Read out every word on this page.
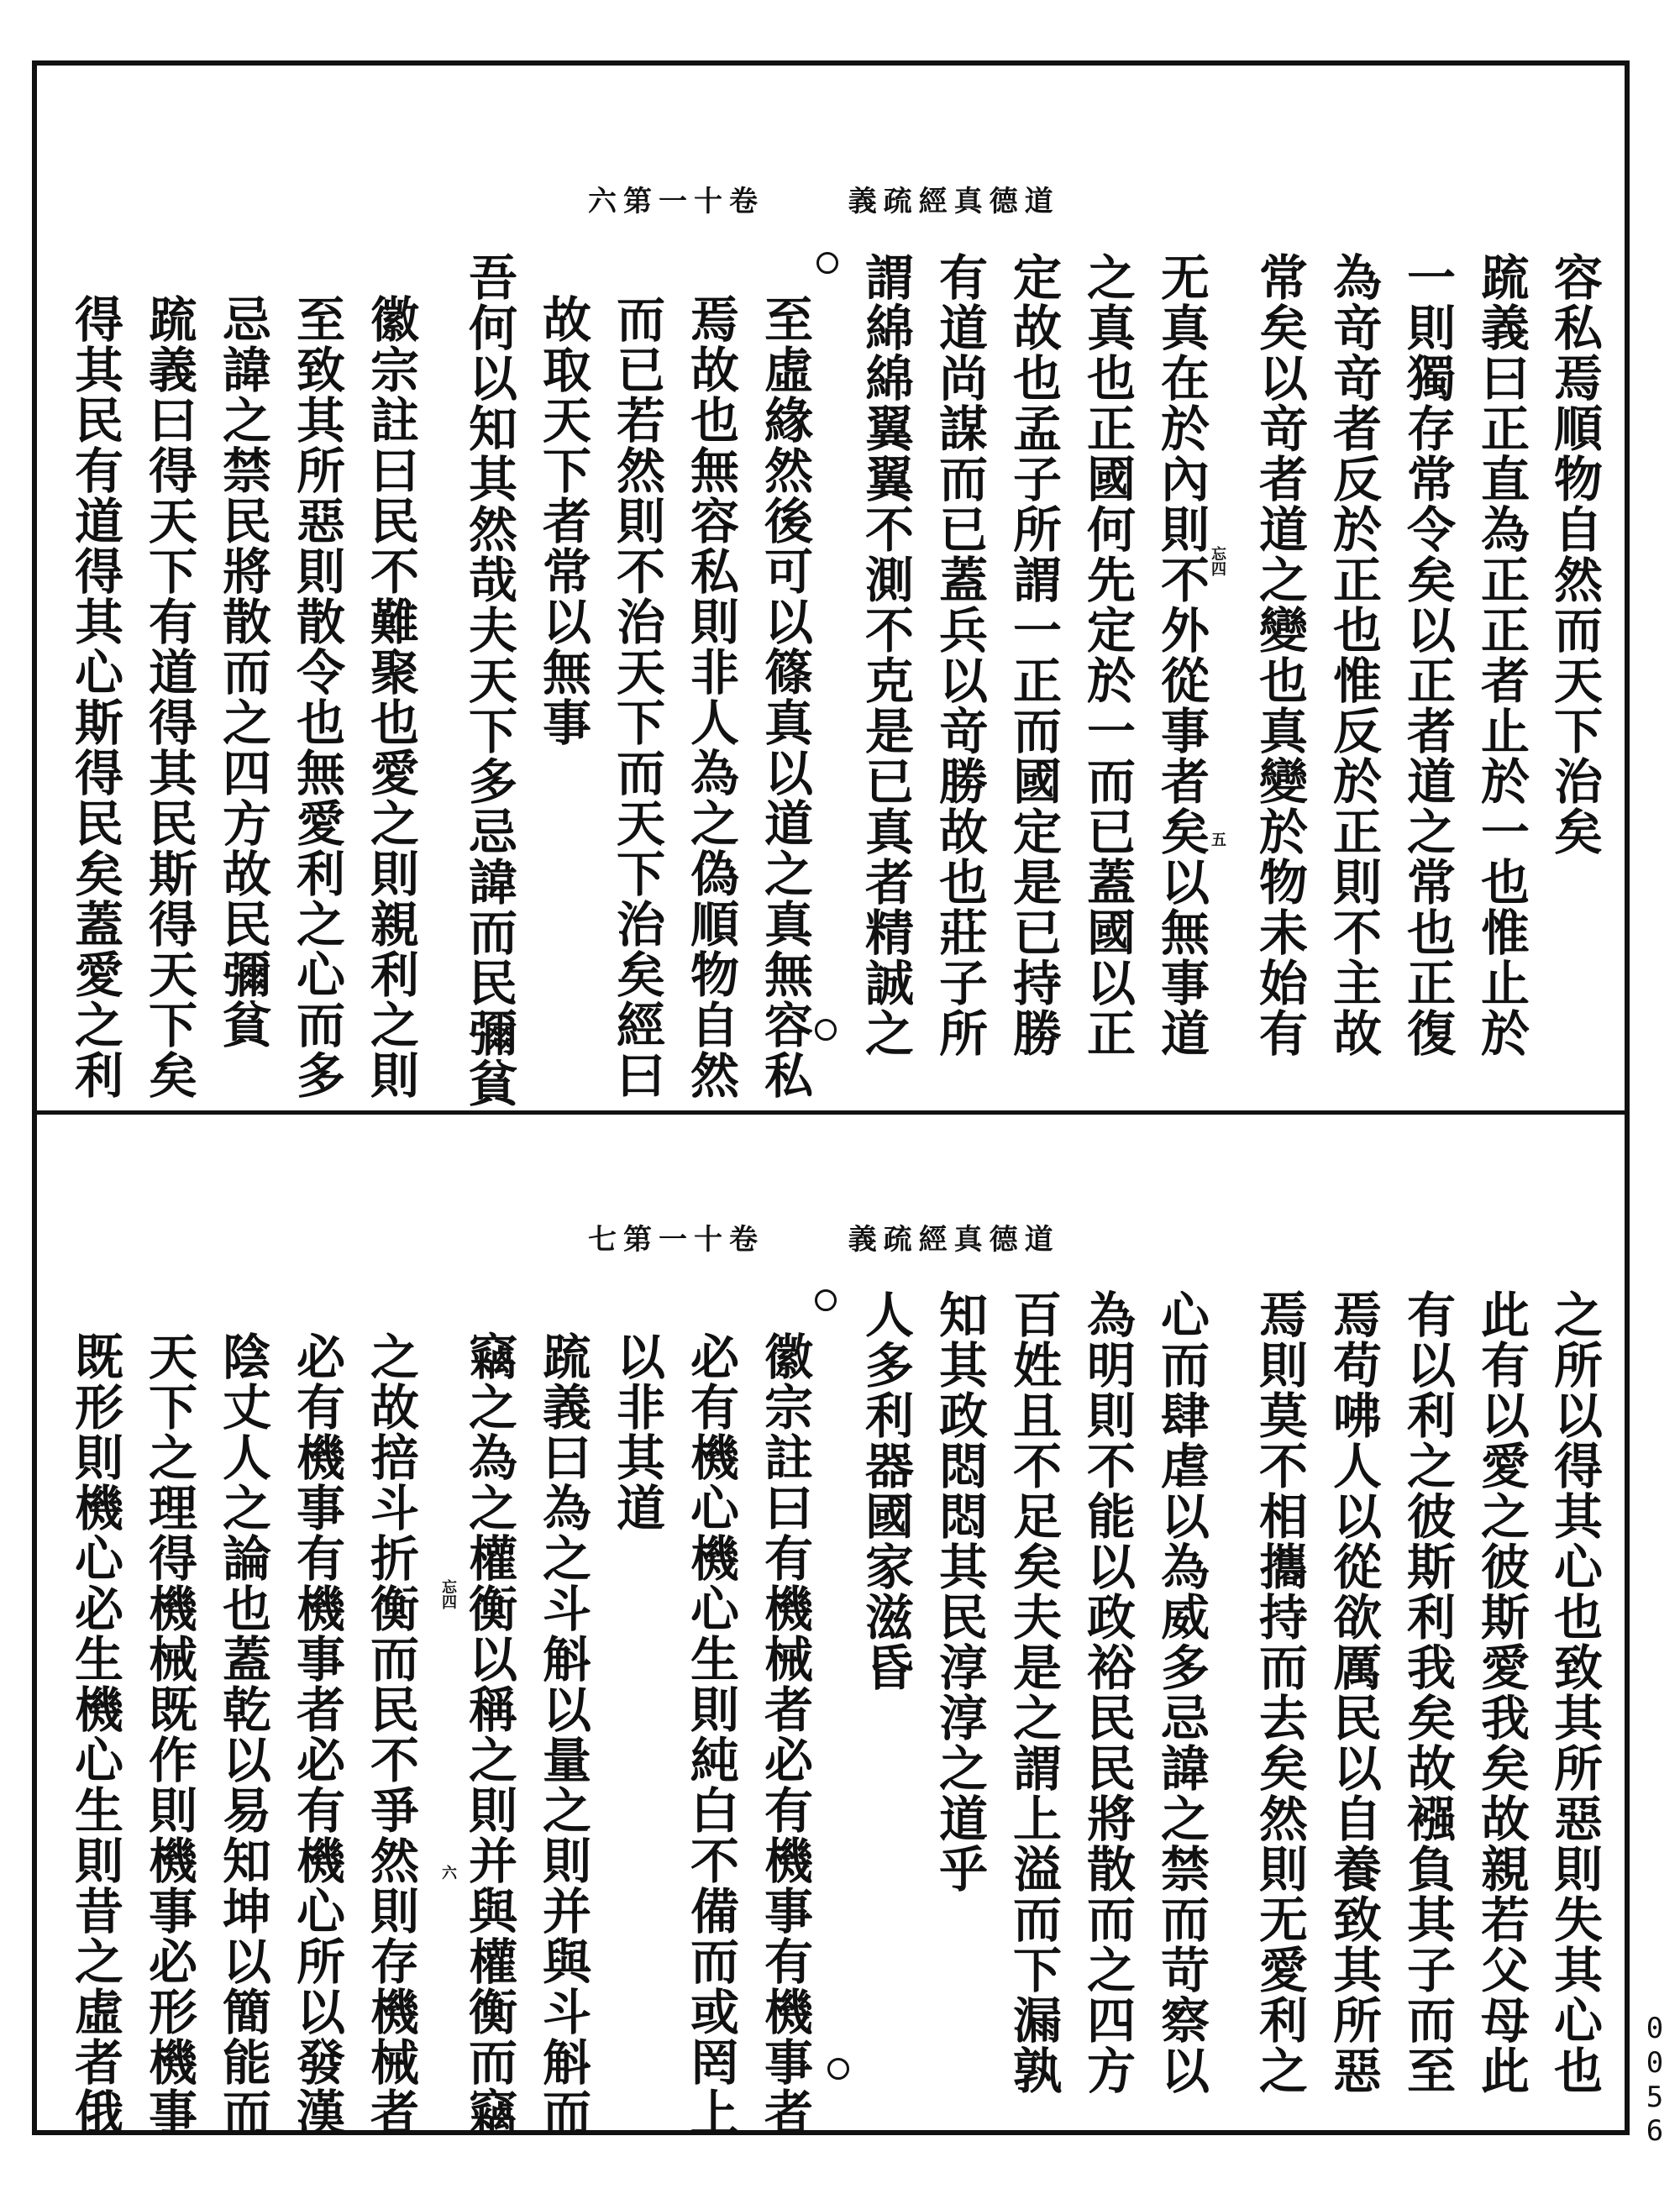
六第一十卷	義疏經真德道
七第一十卷	義疏經真德道
容私焉順物自然而天下治矣
䟽義曰正直為正正者止於一也惟止於
一則獨存常令矣以正者道之常也正復
為竒竒者反於正也惟反於正則不主故
常矣以竒者道之變也真變於物未始有
无真在於內則不外從事者矣以無事道
之真也正國何先定於一而已蓋國以正
定故也孟子所謂一正而國定是已持勝
有道尚謀而已蓋兵以竒勝故也莊子所
謂綿綿翼翼不測不克是已真者精誠之
至虛緣然後可以篠真以道之真無容私
焉故也無容私則非人為之偽順物自然
而已若然則不治天下而天下治矣經曰
故取天下者常以無事
吾何以知其然哉夫天下多忌諱而民彌貧
徽宗註曰民不難聚也愛之則親利之則
至致其所惡則散令也無愛利之心而多
忌諱之禁民將散而之四方故民彌貧
䟽義曰得天下有道得其民斯得天下矣
得其民有道得其心斯得民矣蓋愛之利	忘四
五
之所以得其心也致其所惡則失其心也
此有以愛之彼斯愛我矣故親若父母此
有以利之彼斯利我矣故襁負其子而至
焉苟咈人以從欲厲民以自養致其所惡
焉則莫不相攜持而去矣然則无愛利之
心而肆虐以為威多忌諱之禁而苛察以
為明則不能以政裕民民將散而之四方
百姓且不足矣夫是之謂上溢而下漏孰
知其政悶悶其民淳淳之道乎
人多利器國家滋昏
徽宗註曰有機械者必有機事有機事者
必有機心機心生則純白不備而或罔上
以非其道
䟽義曰為之斗斛以量之則并與斗斛而
竊之為之權衡以稱之則并與權衡而竊
之故掊斗折衡而民不爭然則存機械者
必有機事有機事者必有機心所以發漢
陰丈人之論也蓋乾以易知坤以簡能而
天下之理得機械既作則機事必形機事
既形則機心必生機心生則昔之虛者俄	忘四
六
0056
